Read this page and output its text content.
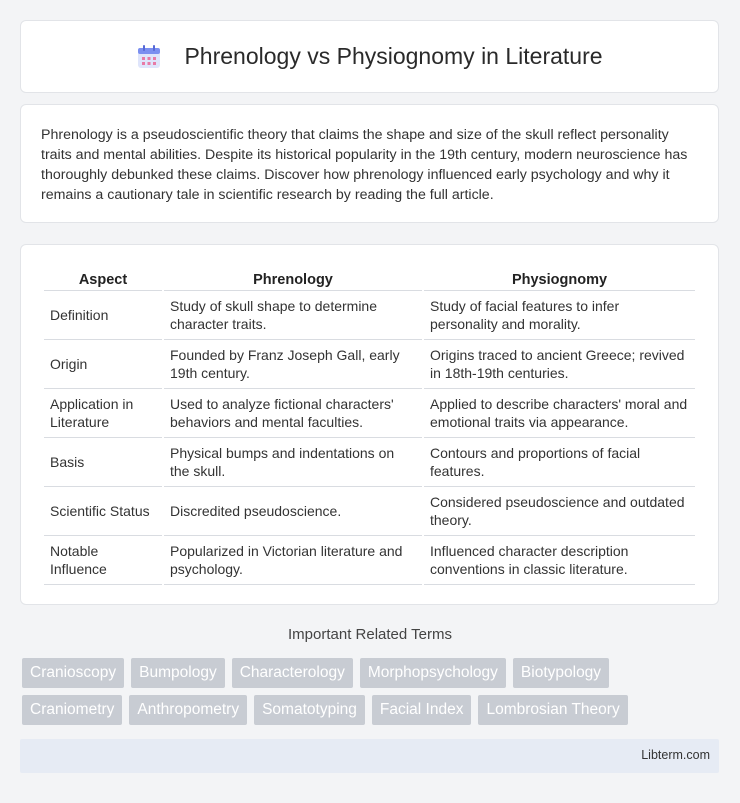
Phrenology vs Physiognomy in Literature

Phrenology is a pseudoscientific theory that claims the shape and size of the skull reflect personality traits and mental abilities. Despite its historical popularity in the 19th century, modern neuroscience has thoroughly debunked these claims. Discover how phrenology influenced early psychology and why it remains a cautionary tale in scientific research by reading the full article.

Aspect	Phrenology	Physiognomy
Definition	Study of skull shape to determine character traits.	Study of facial features to infer personality and morality.
Origin	Founded by Franz Joseph Gall, early 19th century.	Origins traced to ancient Greece; revived in 18th-19th centuries.
Application in Literature	Used to analyze fictional characters' behaviors and mental faculties.	Applied to describe characters' moral and emotional traits via appearance.
Basis	Physical bumps and indentations on the skull.	Contours and proportions of facial features.
Scientific Status	Discredited pseudoscience.	Considered pseudoscience and outdated theory.
Notable Influence	Popularized in Victorian literature and psychology.	Influenced character description conventions in classic literature.
Important Related Terms
Cranioscopy	Bumpology	Characterology	Morphopsychology	Biotypology
Craniometry	Anthropometry	Somatotyping	Facial Index	Lombrosian Theory
Libterm.com
